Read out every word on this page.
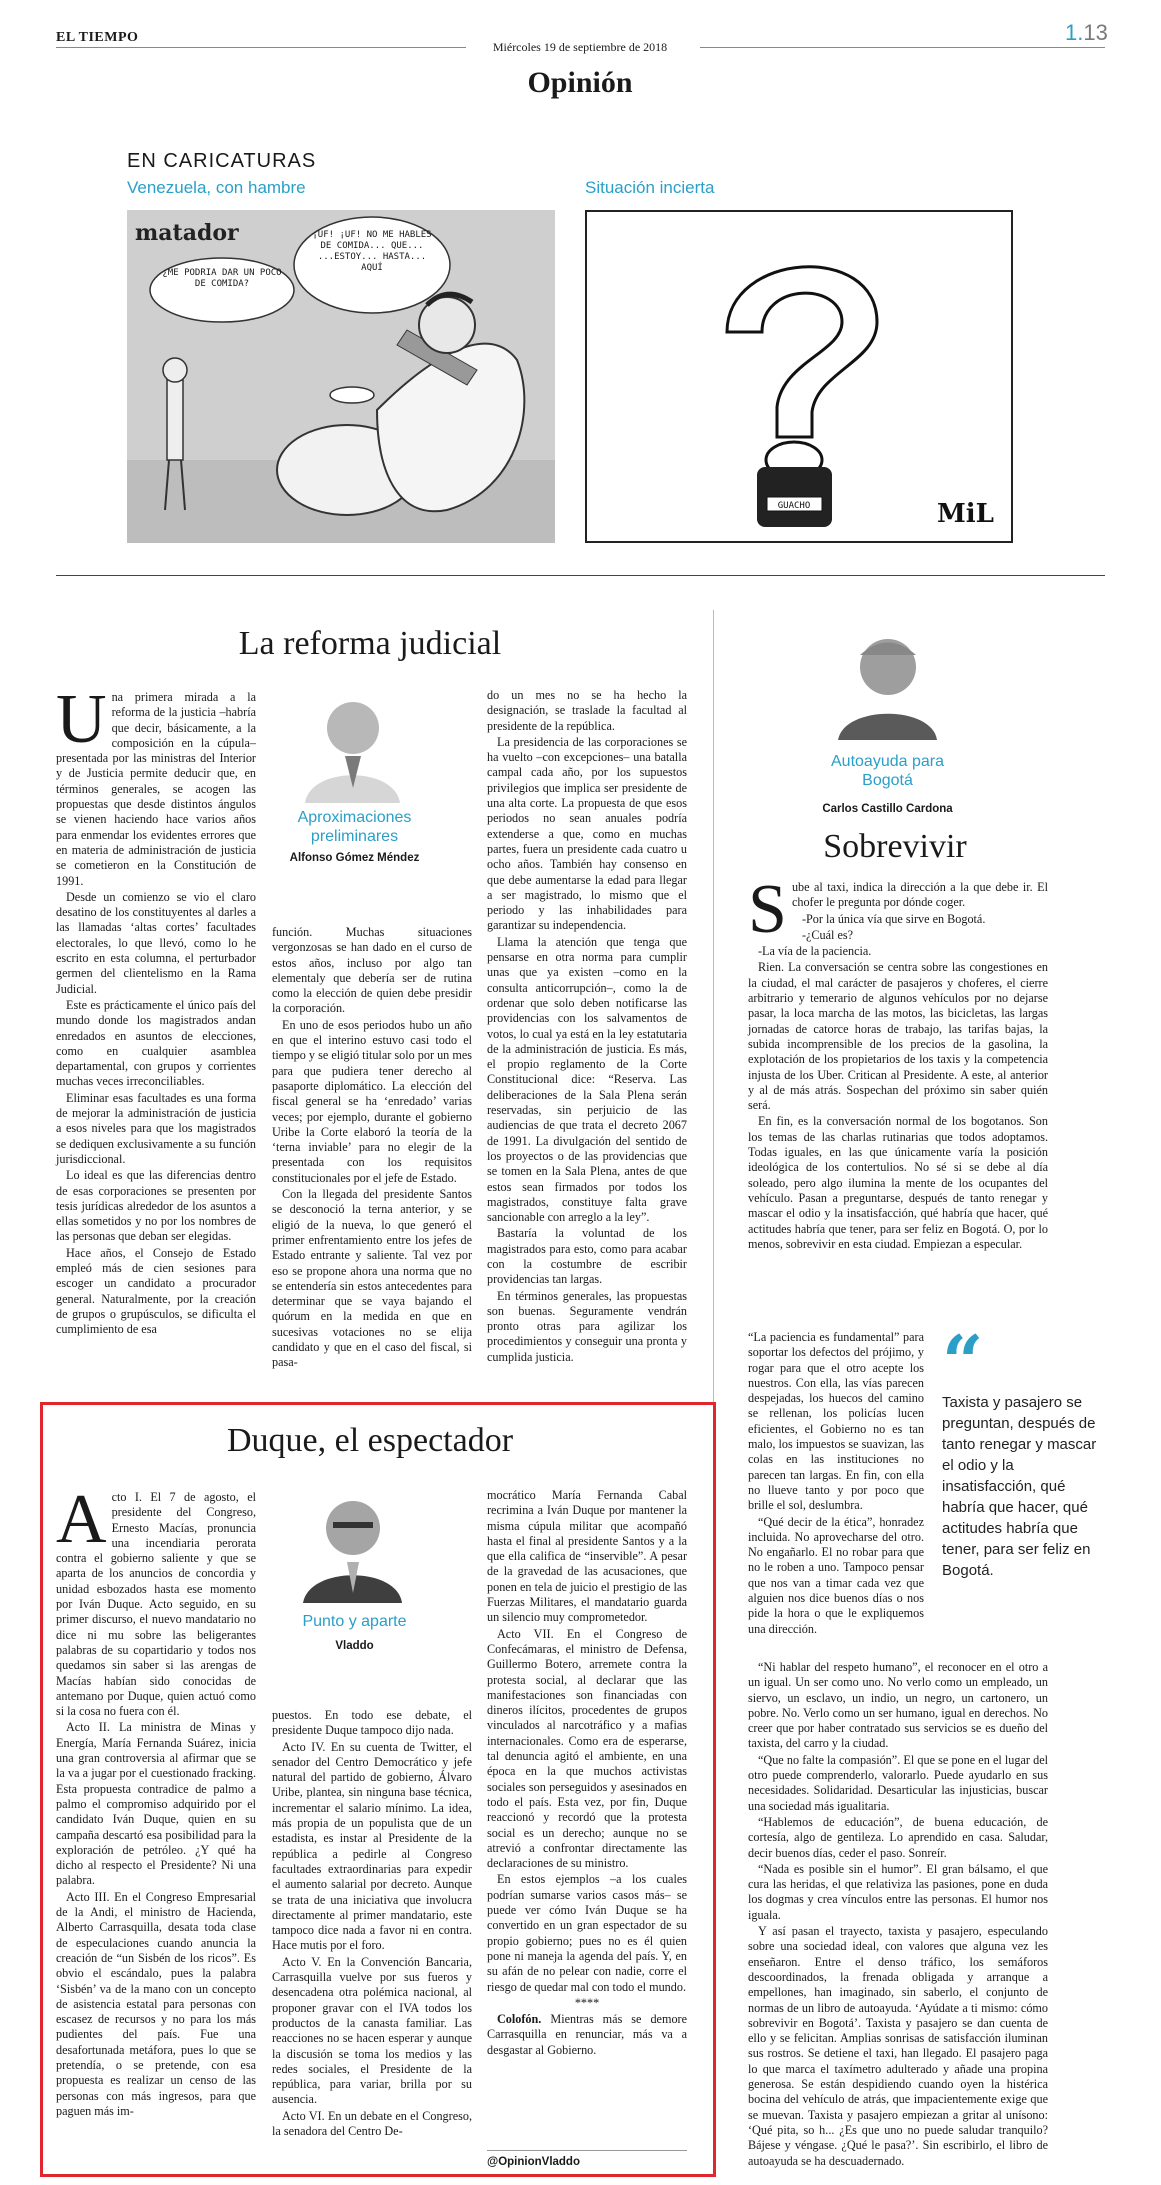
EL TIEMPO
Miércoles 19 de septiembre de 2018
1.13
Opinión
EN CARICATURAS
Venezuela, con hambre	Situación incierta
matador
¿ME PODRÍA DAR UN POCO DE COMIDA?
¡UF! ¡UF! NO ME HABLES DE COMIDA... QUE... ...ESTOY... HASTA... AQUÍ
GUACHO	MiL
La reforma judicial

Una primera mirada a la reforma de la justicia –habría que decir, básicamente, a la composición en la cúpula– presentada por las ministras del Interior y de Justicia permite deducir que, en términos generales, se acogen las propuestas que desde distintos ángulos se vienen haciendo hace varios años para enmendar los evidentes errores que en materia de administración de justicia se cometieron en la Constitución de 1991.

Desde un comienzo se vio el claro desatino de los constituyentes al darles a las llamadas ‘altas cortes’ facultades electorales, lo que llevó, como lo he escrito en esta columna, el perturbador germen del clientelismo en la Rama Judicial.

Este es prácticamente el único país del mundo donde los magistrados andan enredados en asuntos de elecciones, como en cualquier asamblea departamental, con grupos y corrientes muchas veces irreconciliables.

Eliminar esas facultades es una forma de mejorar la administración de justicia a esos niveles para que los magistrados se dediquen exclusivamente a su función jurisdiccional.

Lo ideal es que las diferencias dentro de esas corporaciones se presenten por tesis jurídicas alrededor de los asuntos a ellas sometidos y no por los nombres de las personas que deban ser elegidas.

Hace años, el Consejo de Estado empleó más de cien sesiones para escoger un candidato a procurador general. Naturalmente, por la creación de grupos o grupúsculos, se dificulta el cumplimiento de esa

Aproximaciones preliminares
Alfonso Gómez Méndez

función. Muchas situaciones vergonzosas se han dado en el curso de estos años, incluso por algo tan elementaly que debería ser de rutina como la elección de quien debe presidir la corporación.

En uno de esos periodos hubo un año en que el interino estuvo casi todo el tiempo y se eligió titular solo por un mes para que pudiera tener derecho al pasaporte diplomático. La elección del fiscal general se ha ‘enredado’ varias veces; por ejemplo, durante el gobierno Uribe la Corte elaboró la teoría de la ‘terna inviable’ para no elegir de la presentada con los requisitos constitucionales por el jefe de Estado.

Con la llegada del presidente Santos se desconoció la terna anterior, y se eligió de la nueva, lo que generó el primer enfrentamiento entre los jefes de Estado entrante y saliente. Tal vez por eso se propone ahora una norma que no se entendería sin estos antecedentes para determinar que se vaya bajando el quórum en la medida en que en sucesivas votaciones no se elija candidato y que en el caso del fiscal, si pasa-

do un mes no se ha hecho la designación, se traslade la facultad al presidente de la república.

La presidencia de las corporaciones se ha vuelto –con excepciones– una batalla campal cada año, por los supuestos privilegios que implica ser presidente de una alta corte. La propuesta de que esos periodos no sean anuales podría extenderse a que, como en muchas partes, fuera un presidente cada cuatro u ocho años. También hay consenso en que debe aumentarse la edad para llegar a ser magistrado, lo mismo que el periodo y las inhabilidades para garantizar su independencia.

Llama la atención que tenga que pensarse en otra norma para cumplir unas que ya existen –como en la consulta anticorrupción–, como la de ordenar que solo deben notificarse las providencias con los salvamentos de votos, lo cual ya está en la ley estatutaria de la administración de justicia. Es más, el propio reglamento de la Corte Constitucional dice: “Reserva. Las deliberaciones de la Sala Plena serán reservadas, sin perjuicio de las audiencias de que trata el decreto 2067 de 1991. La divulgación del sentido de los proyectos o de las providencias que se tomen en la Sala Plena, antes de que estos sean firmados por todos los magistrados, constituye falta grave sancionable con arreglo a la ley”.

Bastaría la voluntad de los magistrados para esto, como para acabar con la costumbre de escribir providencias tan largas.

En términos generales, las propuestas son buenas. Seguramente vendrán pronto otras para agilizar los procedimientos y conseguir una pronta y cumplida justicia.

Autoayuda para Bogotá
Carlos Castillo Cardona
Sobrevivir

Sube al taxi, indica la dirección a la que debe ir. El chofer le pregunta por dónde coger.

-Por la única vía que sirve en Bogotá.

-¿Cuál es?

-La vía de la paciencia.

Rien. La conversación se centra sobre las congestiones en la ciudad, el mal carácter de pasajeros y choferes, el cierre arbitrario y temerario de algunos vehículos por no dejarse pasar, la loca marcha de las motos, las bicicletas, las largas jornadas de catorce horas de trabajo, las tarifas bajas, la subida incomprensible de los precios de la gasolina, la explotación de los propietarios de los taxis y la competencia injusta de los Uber. Critican al Presidente. A este, al anterior y al de más atrás. Sospechan del próximo sin saber quién será.

En fin, es la conversación normal de los bogotanos. Son los temas de las charlas rutinarias que todos adoptamos. Todas iguales, en las que únicamente varía la posición ideológica de los contertulios. No sé si se debe al día soleado, pero algo ilumina la mente de los ocupantes del vehículo. Pasan a preguntarse, después de tanto renegar y mascar el odio y la insatisfacción, qué habría que hacer, qué actitudes habría que tener, para ser feliz en Bogotá. O, por lo menos, sobrevivir en esta ciudad. Empiezan a especular.

“La paciencia es fundamental” para soportar los defectos del prójimo, y rogar para que el otro acepte los nuestros. Con ella, las vías parecen despejadas, los huecos del camino se rellenan, los policías lucen eficientes, el Gobierno no es tan malo, los impuestos se suavizan, las colas en las instituciones no parecen tan largas. En fin, con ella no llueve tanto y por poco que brille el sol, deslumbra.

“Qué decir de la ética”, honradez incluida. No aprovecharse del otro. No engañarlo. El no robar para que no le roben a uno. Tampoco pensar que nos van a timar cada vez que alguien nos dice buenos días o nos pide la hora o que le expliquemos una dirección.

“
Taxista y pasajero se preguntan, después de tanto renegar y mascar el odio y la insatisfacción, qué habría que hacer, qué actitudes habría que tener, para ser feliz en Bogotá.

“Ni hablar del respeto humano”, el reconocer en el otro a un igual. Un ser como uno. No verlo como un empleado, un siervo, un esclavo, un indio, un negro, un cartonero, un pobre. No. Verlo como un ser humano, igual en derechos. No creer que por haber contratado sus servicios se es dueño del taxista, del carro y la ciudad.

“Que no falte la compasión”. El que se pone en el lugar del otro puede comprenderlo, valorarlo. Puede ayudarlo en sus necesidades. Solidaridad. Desarticular las injusticias, buscar una sociedad más igualitaria.

“Hablemos de educación”, de buena educación, de cortesía, algo de gentileza. Lo aprendido en casa. Saludar, decir buenos días, ceder el paso. Sonreír.

“Nada es posible sin el humor”. El gran bálsamo, el que cura las heridas, el que relativiza las pasiones, pone en duda los dogmas y crea vínculos entre las personas. El humor nos iguala.

Y así pasan el trayecto, taxista y pasajero, especulando sobre una sociedad ideal, con valores que alguna vez les enseñaron. Entre el denso tráfico, los semáforos descoordinados, la frenada obligada y arranque a empellones, han imaginado, sin saberlo, el conjunto de normas de un libro de autoayuda. ‘Ayúdate a ti mismo: cómo sobrevivir en Bogotá’. Taxista y pasajero se dan cuenta de ello y se felicitan. Amplias sonrisas de satisfacción iluminan sus rostros. Se detiene el taxi, han llegado. El pasajero paga lo que marca el taxímetro adulterado y añade una propina generosa. Se están despidiendo cuando oyen la histérica bocina del vehículo de atrás, que impacientemente exige que se muevan. Taxista y pasajero empiezan a gritar al unísono: ‘Qué pita, so h... ¿Es que uno no puede saludar tranquilo? Bájese y véngase. ¿Qué le pasa?’. Sin escribirlo, el libro de autoayuda se ha descuadernado.

Duque, el espectador

Acto I. El 7 de agosto, el presidente del Congreso, Ernesto Macías, pronuncia una incendiaria perorata contra el gobierno saliente y que se aparta de los anuncios de concordia y unidad esbozados hasta ese momento por Iván Duque. Acto seguido, en su primer discurso, el nuevo mandatario no dice ni mu sobre las beligerantes palabras de su copartidario y todos nos quedamos sin saber si las arengas de Macías habían sido conocidas de antemano por Duque, quien actuó como si la cosa no fuera con él.

Acto II. La ministra de Minas y Energía, María Fernanda Suárez, inicia una gran controversia al afirmar que se la va a jugar por el cuestionado fracking. Esta propuesta contradice de palmo a palmo el compromiso adquirido por el candidato Iván Duque, quien en su campaña descartó esa posibilidad para la exploración de petróleo. ¿Y qué ha dicho al respecto el Presidente? Ni una palabra.

Acto III. En el Congreso Empresarial de la Andi, el ministro de Hacienda, Alberto Carrasquilla, desata toda clase de especulaciones cuando anuncia la creación de “un Sisbén de los ricos”. Es obvio el escándalo, pues la palabra ‘Sisbén’ va de la mano con un concepto de asistencia estatal para personas con escasez de recursos y no para los más pudientes del país. Fue una desafortunada metáfora, pues lo que se pretendía, o se pretende, con esa propuesta es realizar un censo de las personas con más ingresos, para que paguen más im-

Punto y aparte
Vladdo

puestos. En todo ese debate, el presidente Duque tampoco dijo nada.

Acto IV. En su cuenta de Twitter, el senador del Centro Democrático y jefe natural del partido de gobierno, Álvaro Uribe, plantea, sin ninguna base técnica, incrementar el salario mínimo. La idea, más propia de un populista que de un estadista, es instar al Presidente de la república a pedirle al Congreso facultades extraordinarias para expedir el aumento salarial por decreto. Aunque se trata de una iniciativa que involucra directamente al primer mandatario, este tampoco dice nada a favor ni en contra. Hace mutis por el foro.

Acto V. En la Convención Bancaria, Carrasquilla vuelve por sus fueros y desencadena otra polémica nacional, al proponer gravar con el IVA todos los productos de la canasta familiar. Las reacciones no se hacen esperar y aunque la discusión se toma los medios y las redes sociales, el Presidente de la república, para variar, brilla por su ausencia.

Acto VI. En un debate en el Congreso, la senadora del Centro De-

mocrático María Fernanda Cabal recrimina a Iván Duque por mantener la misma cúpula militar que acompañó hasta el final al presidente Santos y a la que ella califica de “inservible”. A pesar de la gravedad de las acusaciones, que ponen en tela de juicio el prestigio de las Fuerzas Militares, el mandatario guarda un silencio muy comprometedor.

Acto VII. En el Congreso de Confecámaras, el ministro de Defensa, Guillermo Botero, arremete contra la protesta social, al declarar que las manifestaciones son financiadas con dineros ilícitos, procedentes de grupos vinculados al narcotráfico y a mafias internacionales. Como era de esperarse, tal denuncia agitó el ambiente, en una época en la que muchos activistas sociales son perseguidos y asesinados en todo el país. Esta vez, por fin, Duque reaccionó y recordó que la protesta social es un derecho; aunque no se atrevió a confrontar directamente las declaraciones de su ministro.

En estos ejemplos –a los cuales podrían sumarse varios casos más– se puede ver cómo Iván Duque se ha convertido en un gran espectador de su propio gobierno; pues no es él quien pone ni maneja la agenda del país. Y, en su afán de no pelear con nadie, corre el riesgo de quedar mal con todo el mundo.

****

Colofón. Mientras más se demore Carrasquilla en renunciar, más va a desgastar al Gobierno.

@OpinionVladdo
